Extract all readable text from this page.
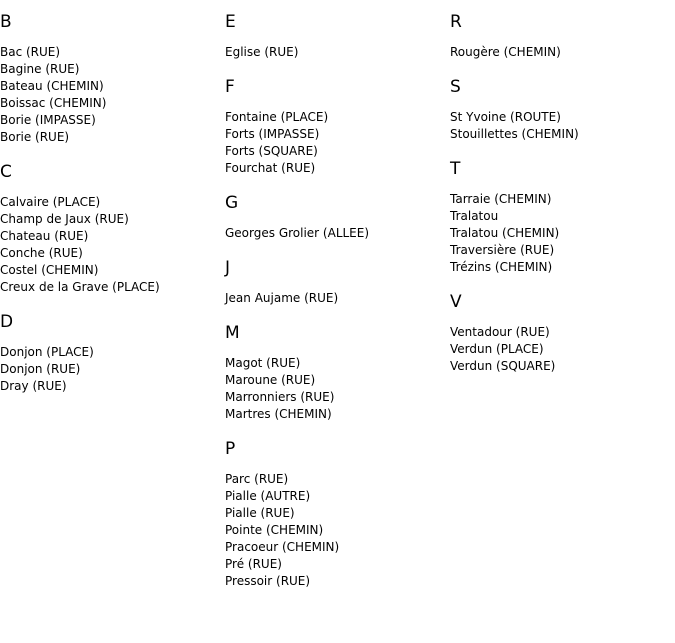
B
Bac (RUE)
Bagine (RUE)
Bateau (CHEMIN)
Boissac (CHEMIN)
Borie (IMPASSE)
Borie (RUE)
C
Calvaire (PLACE)
Champ de Jaux (RUE)
Chateau (RUE)
Conche (RUE)
Costel (CHEMIN)
Creux de la Grave (PLACE)
D
Donjon (PLACE)
Donjon (RUE)
Dray (RUE)
E
Eglise (RUE)
F
Fontaine (PLACE)
Forts (IMPASSE)
Forts (SQUARE)
Fourchat (RUE)
G
Georges Grolier (ALLEE)
J
Jean Aujame (RUE)
M
Magot (RUE)
Maroune (RUE)
Marronniers (RUE)
Martres (CHEMIN)
P
Parc (RUE)
Pialle (AUTRE)
Pialle (RUE)
Pointe (CHEMIN)
Pracoeur (CHEMIN)
Pré (RUE)
Pressoir (RUE)
R
Rougère (CHEMIN)
S
St Yvoine (ROUTE)
Stouillettes (CHEMIN)
T
Tarraie (CHEMIN)
Tralatou
Tralatou (CHEMIN)
Traversière (RUE)
Trézins (CHEMIN)
V
Ventadour (RUE)
Verdun (PLACE)
Verdun (SQUARE)
